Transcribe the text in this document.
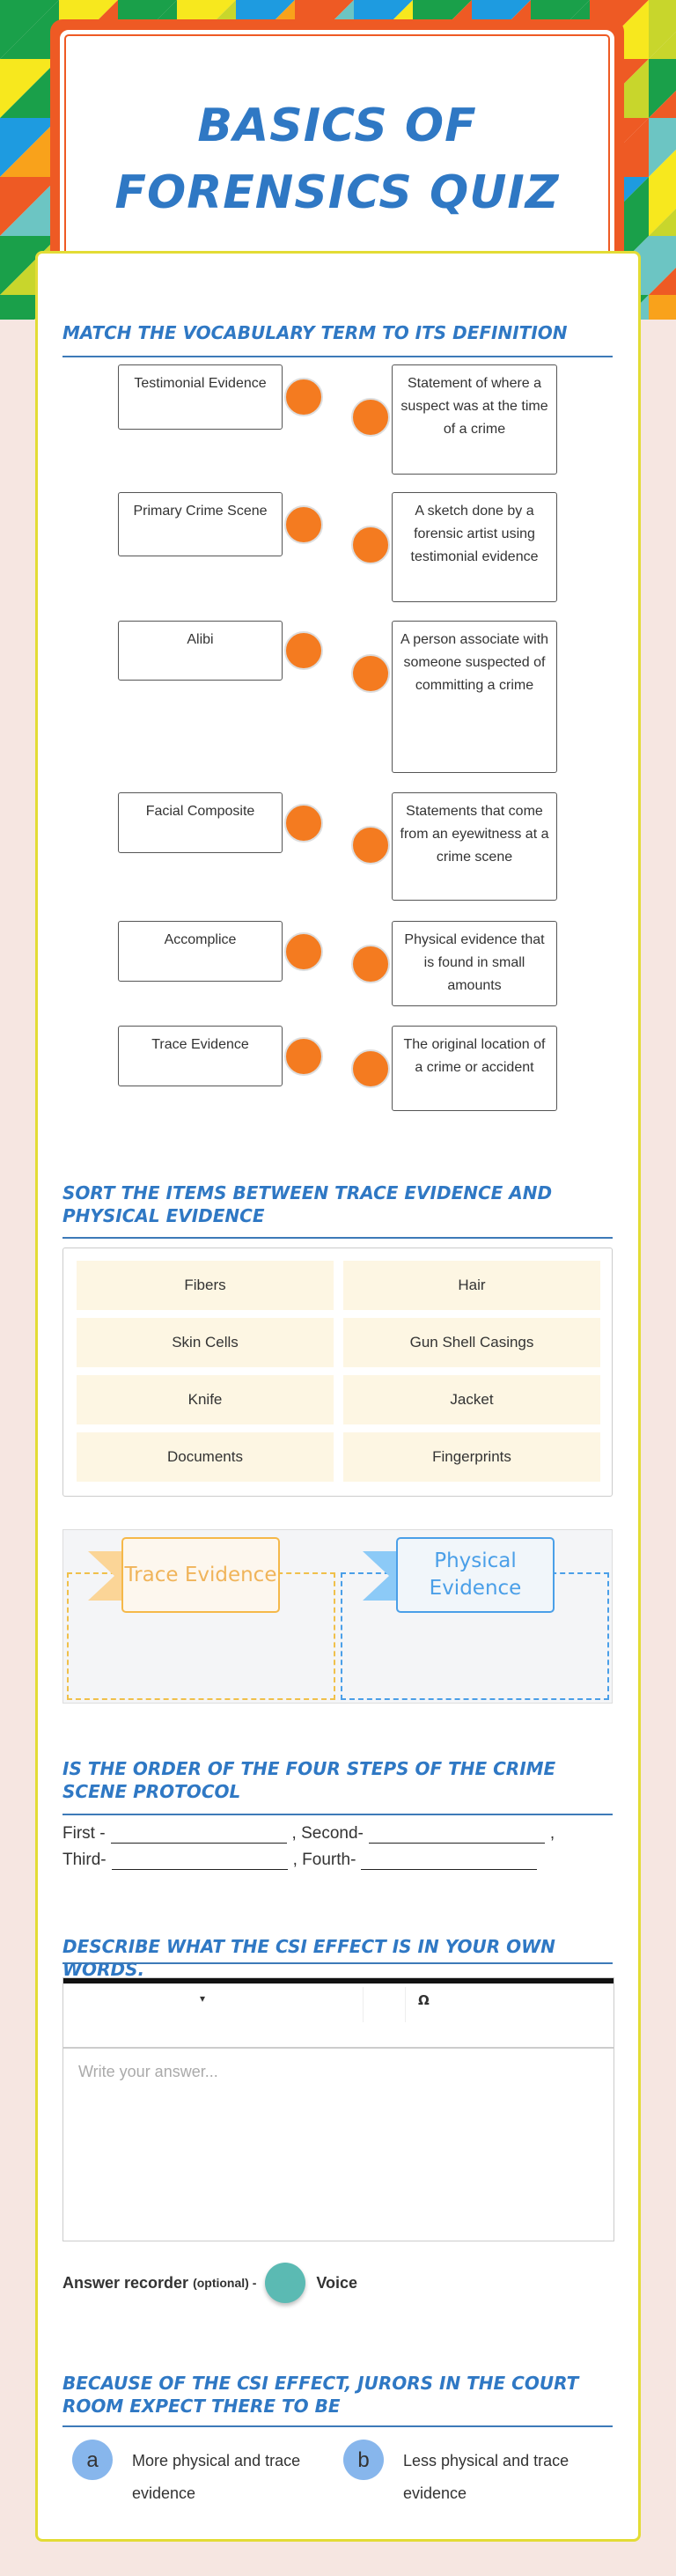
BASICS OF FORENSICS QUIZ
MATCH THE VOCABULARY TERM TO ITS DEFINITION
Testimonial Evidence	Statement of where a suspect was at the time of a crime
Primary Crime Scene	A sketch done by a forensic artist using testimonial evidence
Alibi	A person associate with someone suspected of committing a crime
Facial Composite	Statements that come from an eyewitness at a crime scene
Accomplice	Physical evidence that is found in small amounts
Trace Evidence	The original location of a crime or accident
SORT THE ITEMS BETWEEN TRACE EVIDENCE AND PHYSICAL EVIDENCE
Fibers	Hair
Skin Cells	Gun Shell Casings
Knife	Jacket
Documents	Fingerprints
Trace Evidence
Physical Evidence
IS THE ORDER OF THE FOUR STEPS OF THE CRIME SCENE PROTOCOL
First -	, Second-	,
Third-	, Fourth-
DESCRIBE WHAT THE CSI EFFECT IS IN YOUR OWN WORDS.
▾	Ω
Write your answer...
Answer recorder (optional) -	Voice
BECAUSE OF THE CSI EFFECT, JURORS IN THE COURT ROOM EXPECT THERE TO BE
a	More physical and trace evidence
b	Less physical and trace evidence
